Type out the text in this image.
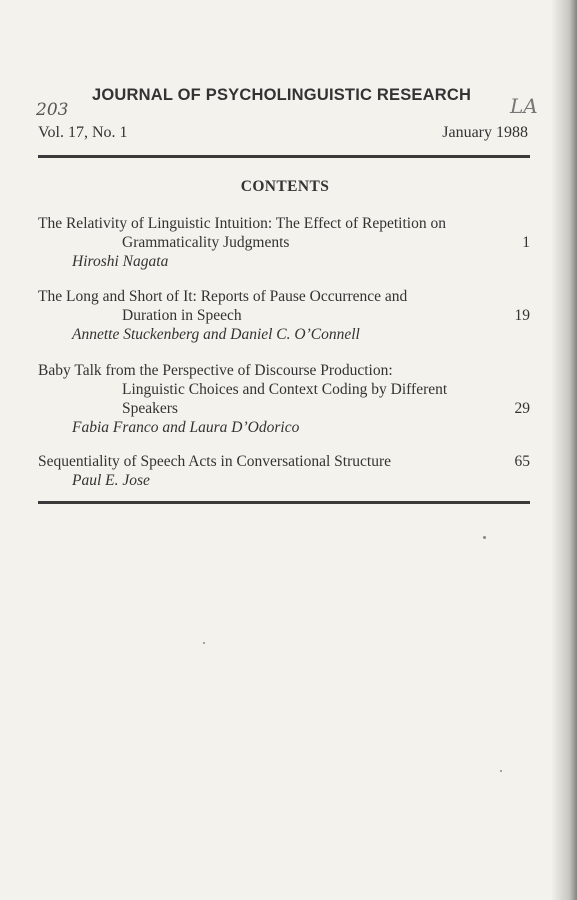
JOURNAL OF PSYCHOLINGUISTIC RESEARCH
203	LA
Vol. 17, No. 1	January 1988
CONTENTS
The Relativity of Linguistic Intuition: The Effect of Repetition on
Grammaticality Judgments	1
Hiroshi Nagata
The Long and Short of It: Reports of Pause Occurrence and
Duration in Speech	19
Annette Stuckenberg and Daniel C. O’Connell
Baby Talk from the Perspective of Discourse Production:
Linguistic Choices and Context Coding by Different
Speakers	29
Fabia Franco and Laura D’Odorico
Sequentiality of Speech Acts in Conversational Structure	65
Paul E. Jose
